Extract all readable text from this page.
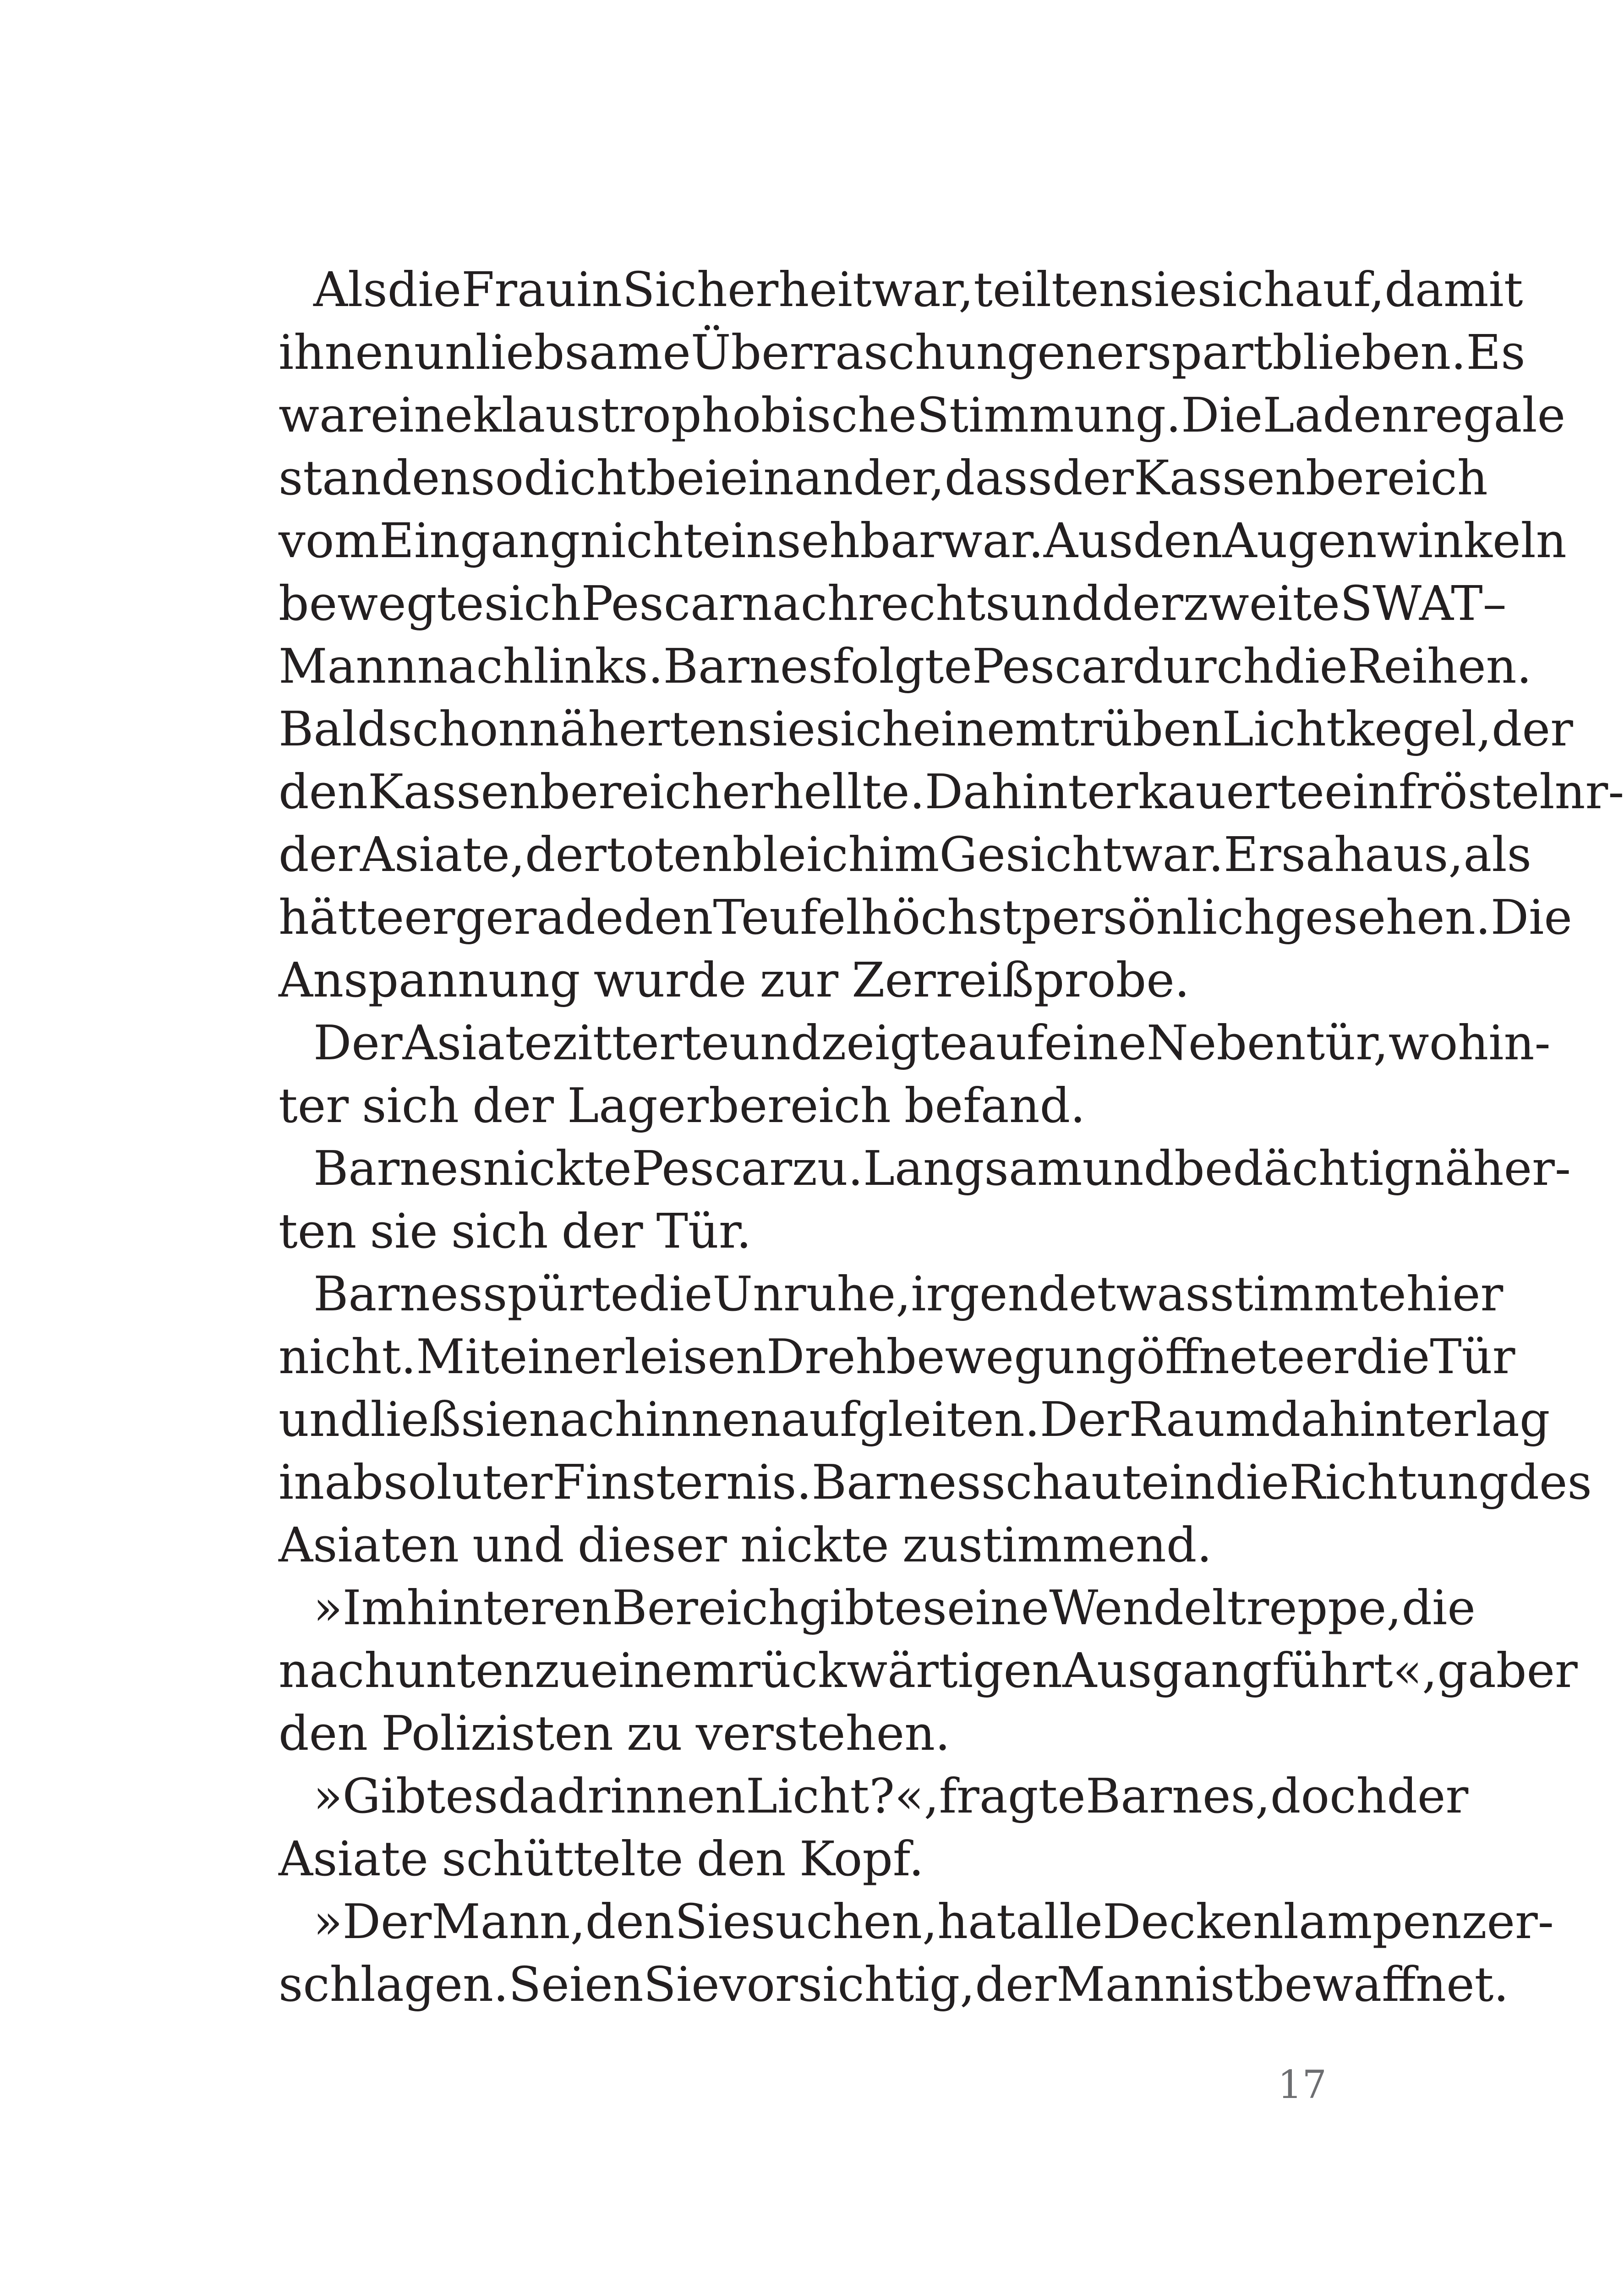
Als die Frau in Sicherheit war, teilten sie sich auf, damit
ihnen unliebsame Überraschungen erspart blieben. Es
war eine klaustrophobische Stimmung. Die Ladenregale
standen so dicht beieinander, dass der Kassenbereich
vom Eingang nicht einsehbar war. Aus den Augenwinkeln
bewegte sich Pescar nach rechts und der zweite SWAT–
Mann nach links. Barnes folgte Pescar durch die Reihen.
Bald schon näherten sie sich einem trüben Lichtkegel, der
den Kassenbereich erhellte. Dahinter kauerte ein fröstelnr-
der Asiate, der totenbleich im Gesicht war. Er sah aus, als
hätte er gerade den Teufel höchstpersönlich gesehen. Die
Anspannung wurde zur Zerreißprobe.
Der Asiate zitterte und zeigte auf eine Nebentür, wohin-
ter sich der Lagerbereich befand.
Barnes nickte Pescar zu. Langsam und bedächtig näher-
ten sie sich der Tür.
Barnes spürte die Unruhe, irgendetwas stimmte hier
nicht. Mit einer leisen Drehbewegung öffnete er die Tür
und ließ sie nach innen aufgleiten. Der Raum dahinter lag
in absoluter Finsternis. Barnes schaute in die Richtung des
Asiaten und dieser nickte zustimmend.
»Im hinteren Bereich gibt es eine Wendeltreppe, die
nach unten zu einem rückwärtigen Ausgang führt«, gab er
den Polizisten zu verstehen.
»Gibt es da drinnen Licht?«, fragte Barnes, doch der
Asiate schüttelte den Kopf.
»Der Mann, den Sie suchen, hat alle Deckenlampen zer-
schlagen. Seien Sie vorsichtig, der Mann ist bewaffnet.
17
